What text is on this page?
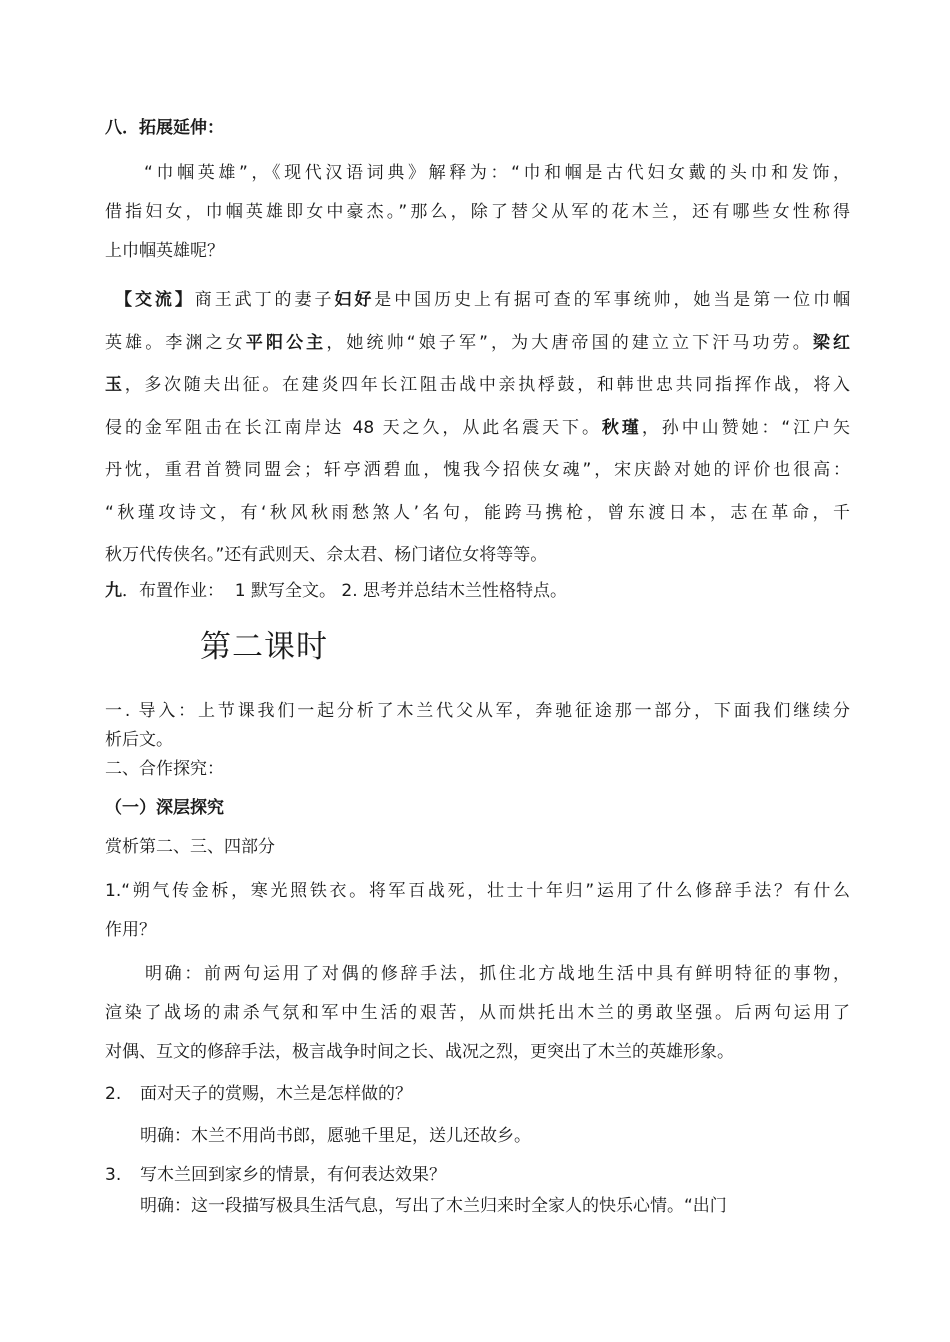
八．拓展延伸：
“巾帼英雄”，《现代汉语词典》解释为：“巾和帼是古代妇女戴的头巾和发饰，
借指妇女，巾帼英雄即女中豪杰。”那么，除了替父从军的花木兰，还有哪些女性称得
上巾帼英雄呢？
【交流】商王武丁的妻子妇好是中国历史上有据可查的军事统帅，她当是第一位巾帼
英雄。李渊之女平阳公主，她统帅“娘子军”，为大唐帝国的建立立下汗马功劳。梁红
玉，多次随夫出征。在建炎四年长江阻击战中亲执桴鼓，和韩世忠共同指挥作战，将入
侵的金军阻击在长江南岸达 48 天之久，从此名震天下。秋瑾，孙中山赞她：“江户矢
丹忱，重君首赞同盟会；轩亭洒碧血，愧我今招侠女魂”，宋庆龄对她的评价也很高：
“秋瑾攻诗文，有‘秋风秋雨愁煞人’名句，能跨马携枪，曾东渡日本，志在革命，千
秋万代传侠名。”还有武则天、佘太君、杨门诸位女将等等。
九．布置作业：  1 默写全文。 2. 思考并总结木兰性格特点。
第二课时
一. 导入：上节课我们一起分析了木兰代父从军，奔驰征途那一部分，下面我们继续分
析后文。
二、合作探究：
（一）深层探究
赏析第二、三、四部分
1.“朔气传金柝，寒光照铁衣。将军百战死，壮士十年归”运用了什么修辞手法？有什么
作用？
明确：前两句运用了对偶的修辞手法，抓住北方战地生活中具有鲜明特征的事物，
渲染了战场的肃杀气氛和军中生活的艰苦，从而烘托出木兰的勇敢坚强。后两句运用了
对偶、互文的修辞手法，极言战争时间之长、战况之烈，更突出了木兰的英雄形象。
2. 面对天子的赏赐，木兰是怎样做的？
明确：木兰不用尚书郎，愿驰千里足，送儿还故乡。
3. 写木兰回到家乡的情景，有何表达效果？
明确：这一段描写极具生活气息，写出了木兰归来时全家人的快乐心情。“出门
